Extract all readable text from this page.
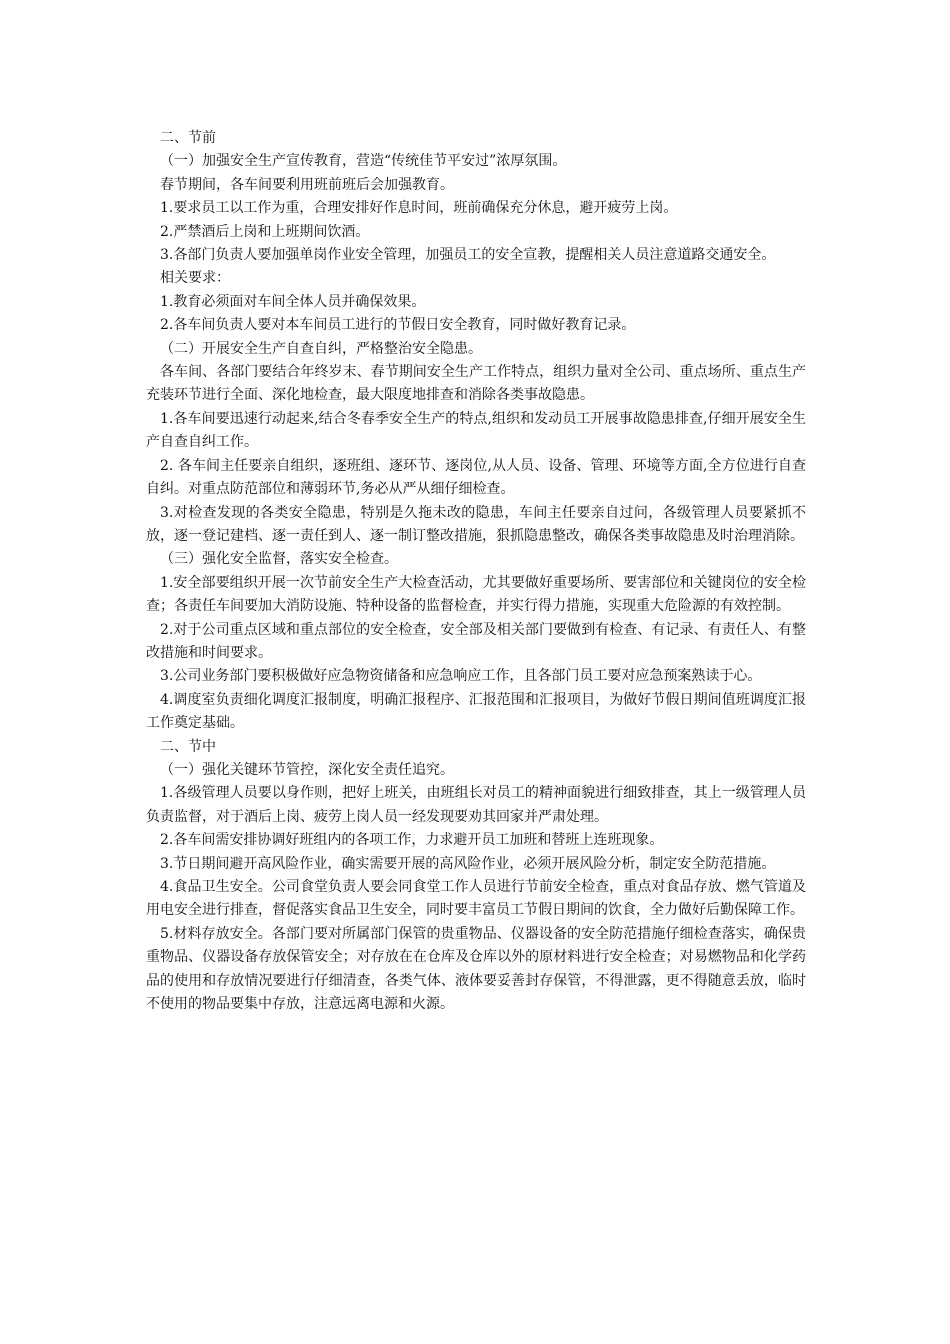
二、节前

（一）加强安全生产宣传教育，营造“传统佳节平安过”浓厚氛围。

春节期间，各车间要利用班前班后会加强教育。

1.要求员工以工作为重，合理安排好作息时间，班前确保充分休息，避开疲劳上岗。

2.严禁酒后上岗和上班期间饮酒。

3.各部门负责人要加强单岗作业安全管理，加强员工的安全宣教，提醒相关人员注意道路交通安全。

相关要求：

1.教育必须面对车间全体人员并确保效果。

2.各车间负责人要对本车间员工进行的节假日安全教育，同时做好教育记录。

（二）开展安全生产自查自纠，严格整治安全隐患。

各车间、各部门要结合年终岁末、春节期间安全生产工作特点，组织力量对全公司、重点场所、重点生产充装环节进行全面、深化地检查，最大限度地排查和消除各类事故隐患。

1.各车间要迅速行动起来,结合冬春季安全生产的特点,组织和发动员工开展事故隐患排查,仔细开展安全生产自查自纠工作。

2. 各车间主任要亲自组织，逐班组、逐环节、逐岗位,从人员、设备、管理、环境等方面,全方位进行自查自纠。对重点防范部位和薄弱环节,务必从严从细仔细检查。

3.对检查发现的各类安全隐患，特别是久拖未改的隐患，车间主任要亲自过问，各级管理人员要紧抓不放，逐一登记建档、逐一责任到人、逐一制订整改措施，狠抓隐患整改，确保各类事故隐患及时治理消除。

（三）强化安全监督，落实安全检查。

1.安全部要组织开展一次节前安全生产大检查活动，尤其要做好重要场所、要害部位和关键岗位的安全检查；各责任车间要加大消防设施、特种设备的监督检查，并实行得力措施，实现重大危险源的有效控制。

2.对于公司重点区域和重点部位的安全检查，安全部及相关部门要做到有检查、有记录、有责任人、有整改措施和时间要求。

3.公司业务部门要积极做好应急物资储备和应急响应工作，且各部门员工要对应急预案熟读于心。

4.调度室负责细化调度汇报制度，明确汇报程序、汇报范围和汇报项目，为做好节假日期间值班调度汇报工作奠定基础。

二、节中

（一）强化关键环节管控，深化安全责任追究。

1.各级管理人员要以身作则，把好上班关，由班组长对员工的精神面貌进行细致排查，其上一级管理人员负责监督，对于酒后上岗、疲劳上岗人员一经发现要劝其回家并严肃处理。

2.各车间需安排协调好班组内的各项工作，力求避开员工加班和替班上连班现象。

3.节日期间避开高风险作业，确实需要开展的高风险作业，必须开展风险分析，制定安全防范措施。

4.食品卫生安全。公司食堂负责人要会同食堂工作人员进行节前安全检查，重点对食品存放、燃气管道及用电安全进行排查，督促落实食品卫生安全，同时要丰富员工节假日期间的饮食，全力做好后勤保障工作。

5.材料存放安全。各部门要对所属部门保管的贵重物品、仪器设备的安全防范措施仔细检查落实，确保贵重物品、仪器设备存放保管安全；对存放在在仓库及仓库以外的原材料进行安全检查；对易燃物品和化学药品的使用和存放情况要进行仔细清查，各类气体、液体要妥善封存保管，不得泄露，更不得随意丢放，临时不使用的物品要集中存放，注意远离电源和火源。
